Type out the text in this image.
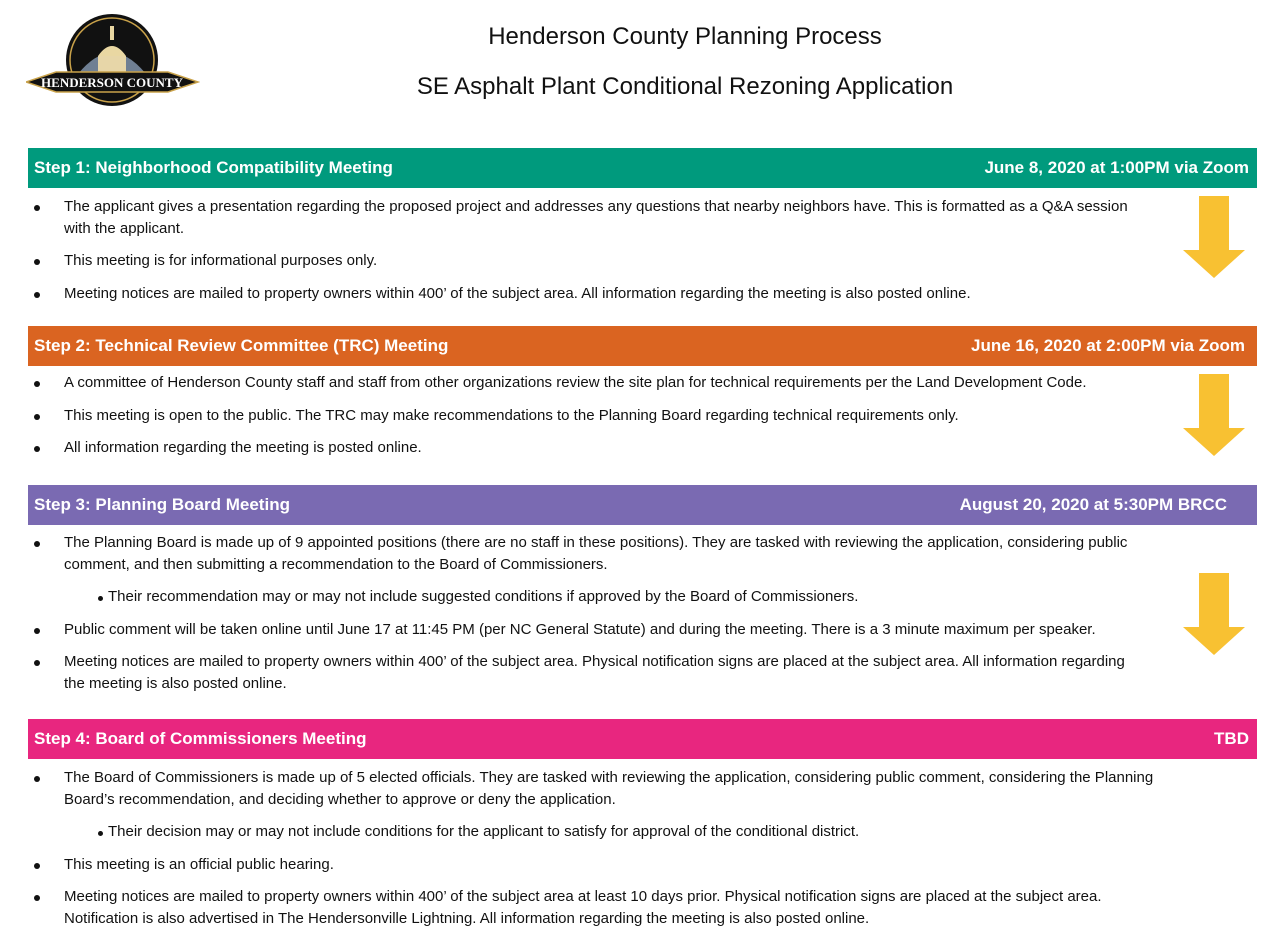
HENDERSON COUNTY
Henderson County Planning Process
SE Asphalt Plant Conditional Rezoning Application
Step 1: Neighborhood Compatibility Meeting	June 8, 2020 at 1:00PM via Zoom
The applicant gives a presentation regarding the proposed project and addresses any questions that nearby neighbors have. This is formatted as a Q&A session with the applicant.
This meeting is for informational purposes only.
Meeting notices are mailed to property owners within 400’ of the subject area. All information regarding the meeting is also posted online.
Step 2: Technical Review Committee (TRC) Meeting	June 16, 2020 at 2:00PM via Zoom
A committee of Henderson County staff and staff from other organizations review the site plan for technical requirements per the Land Development Code.
This meeting is open to the public. The TRC may make recommendations to the Planning Board regarding technical requirements only.
All information regarding the meeting is posted online.
Step 3: Planning Board Meeting	August 20, 2020 at 5:30PM BRCC
The Planning Board is made up of 9 appointed positions (there are no staff in these positions). They are tasked with reviewing the application, considering public comment, and then submitting a recommendation to the Board of Commissioners.
Their recommendation may or may not include suggested conditions if approved by the Board of Commissioners.
Public comment will be taken online until June 17 at 11:45 PM (per NC General Statute) and during the meeting. There is a 3 minute maximum per speaker.
Meeting notices are mailed to property owners within 400’ of the subject area. Physical notification signs are placed at the subject area. All information regarding the meeting is also posted online.
Step 4: Board of Commissioners Meeting	TBD
The Board of Commissioners is made up of 5 elected officials. They are tasked with reviewing the application, considering public comment, considering the Planning Board’s recommendation, and deciding whether to approve or deny the application.
Their decision may or may not include conditions for the applicant to satisfy for approval of the conditional district.
This meeting is an official public hearing.
Meeting notices are mailed to property owners within 400’ of the subject area at least 10 days prior. Physical notification signs are placed at the subject area. Notification is also advertised in The Hendersonville Lightning. All information regarding the meeting is also posted online.
